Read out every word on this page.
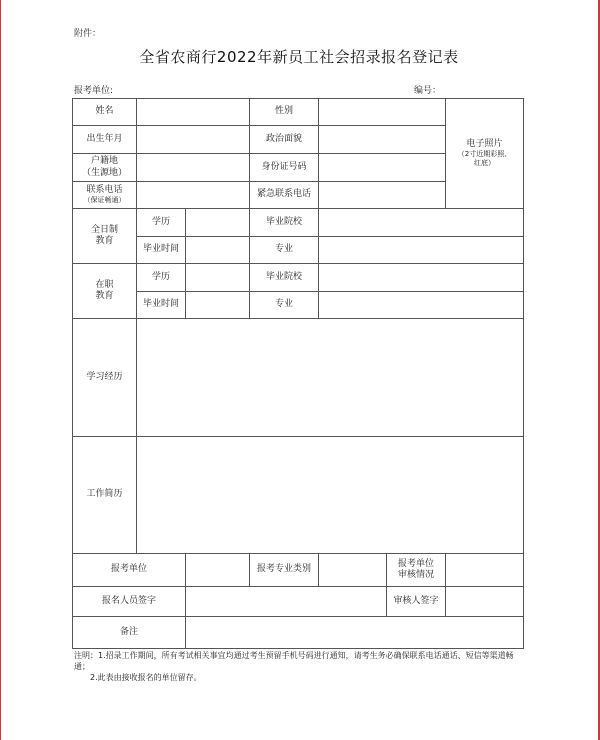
附件：
全省农商行2022年新员工社会招录报名登记表
报考单位:	编号：
姓名			性别			电子照片
（2寸近期彩照、
红底）

出生年月			政治面貌			

户籍地
（生源地）			身份证号码			

联系电话
（保证畅通）			紧急联系电话			

全日制
教育	学历		毕业院校			
	毕业时间		专业			

在职
教育	学历		毕业院校			
	毕业时间		专业			
学习经历						
工作简历						
报考单位			报考专业类别		报考单位
审核情况	

报名人员签字					审核人签字	
备注						
注明：1.招录工作期间，所有考试相关事宜均通过考生预留手机号码进行通知，请考生务必确保联系电话通话、短信等渠道畅通；
2.此表由接收报名的单位留存。
